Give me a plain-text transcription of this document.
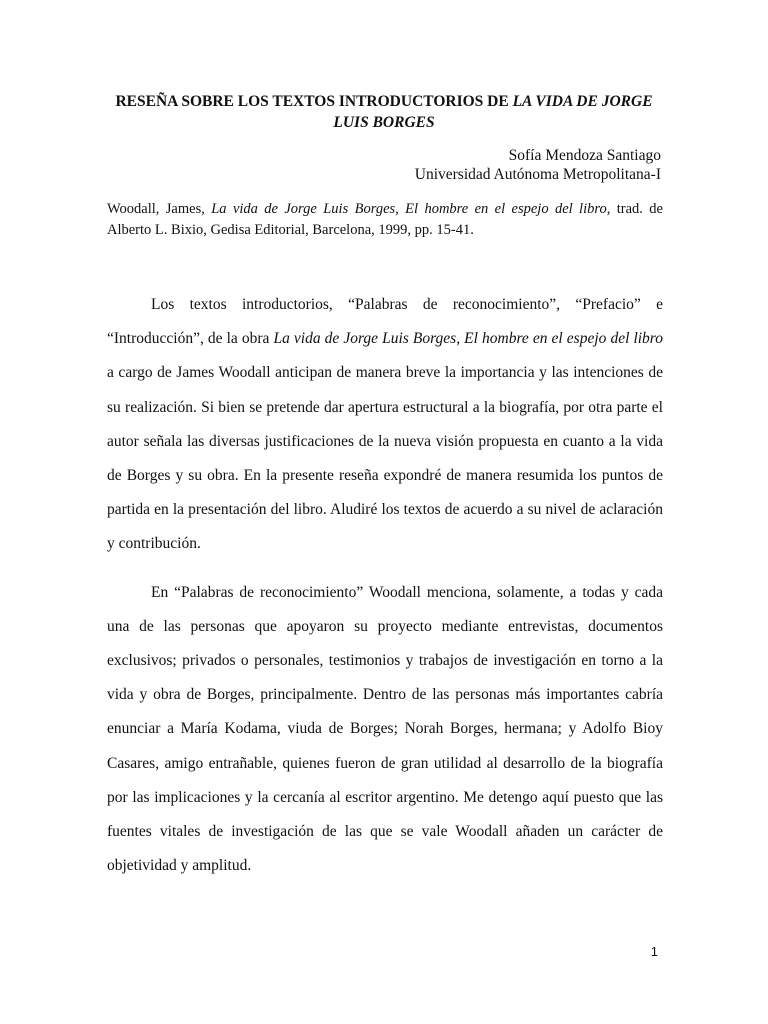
RESEÑA SOBRE LOS TEXTOS INTRODUCTORIOS DE LA VIDA DE JORGE LUIS BORGES
Sofía Mendoza Santiago
Universidad Autónoma Metropolitana-I
Woodall, James, La vida de Jorge Luis Borges, El hombre en el espejo del libro, trad. de Alberto L. Bixio, Gedisa Editorial, Barcelona, 1999, pp. 15-41.

Los textos introductorios, “Palabras de reconocimiento”, “Prefacio” e “Introducción”, de la obra La vida de Jorge Luis Borges, El hombre en el espejo del libro a cargo de James Woodall anticipan de manera breve la importancia y las intenciones de su realización. Si bien se pretende dar apertura estructural a la biografía, por otra parte el autor señala las diversas justificaciones de la nueva visión propuesta en cuanto a la vida de Borges y su obra. En la presente reseña expondré de manera resumida los puntos de partida en la presentación del libro. Aludiré los textos de acuerdo a su nivel de aclaración y contribución.

En “Palabras de reconocimiento” Woodall menciona, solamente, a todas y cada una de las personas que apoyaron su proyecto mediante entrevistas, documentos exclusivos; privados o personales, testimonios y trabajos de investigación en torno a la vida y obra de Borges, principalmente. Dentro de las personas más importantes cabría enunciar a María Kodama, viuda de Borges; Norah Borges, hermana; y Adolfo Bioy Casares, amigo entrañable, quienes fueron de gran utilidad al desarrollo de la biografía por las implicaciones y la cercanía al escritor argentino. Me detengo aquí puesto que las fuentes vitales de investigación de las que se vale Woodall añaden un carácter de objetividad y amplitud.

1
